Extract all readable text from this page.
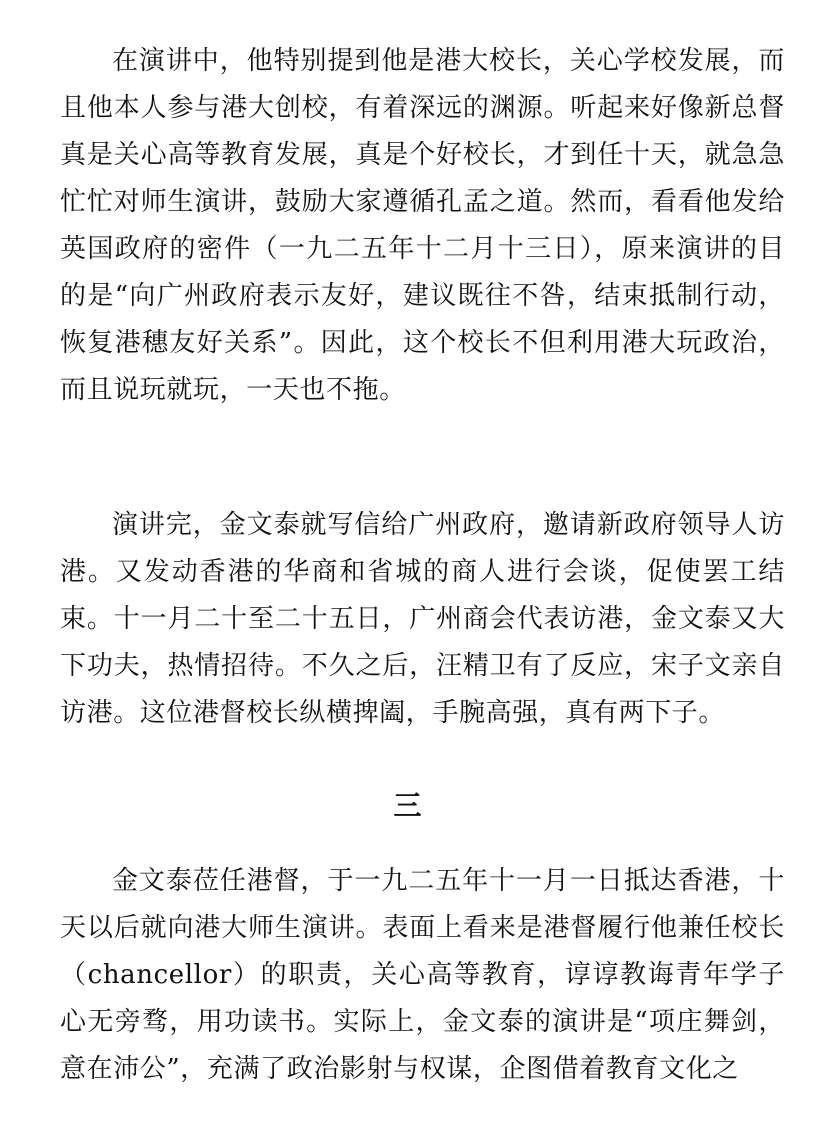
在演讲中，他特别提到他是港大校长，关心学校发展，而且他本人参与港大创校，有着深远的渊源。听起来好像新总督真是关心高等教育发展，真是个好校长，才到任十天，就急急忙忙对师生演讲，鼓励大家遵循孔孟之道。然而，看看他发给英国政府的密件（一九二五年十二月十三日），原来演讲的目的是“向广州政府表示友好，建议既往不咎，结束抵制行动，恢复港穗友好关系”。因此，这个校长不但利用港大玩政治，而且说玩就玩，一天也不拖。

演讲完，金文泰就写信给广州政府，邀请新政府领导人访港。又发动香港的华商和省城的商人进行会谈，促使罢工结束。十一月二十至二十五日，广州商会代表访港，金文泰又大下功夫，热情招待。不久之后，汪精卫有了反应，宋子文亲自访港。这位港督校长纵横捭阖，手腕高强，真有两下子。

三

金文泰莅任港督，于一九二五年十一月一日抵达香港，十天以后就向港大师生演讲。表面上看来是港督履行他兼任校长（chancellor）的职责，关心高等教育，谆谆教诲青年学子心无旁骛，用功读书。实际上，金文泰的演讲是“项庄舞剑，意在沛公”，充满了政治影射与权谋，企图借着教育文化之
